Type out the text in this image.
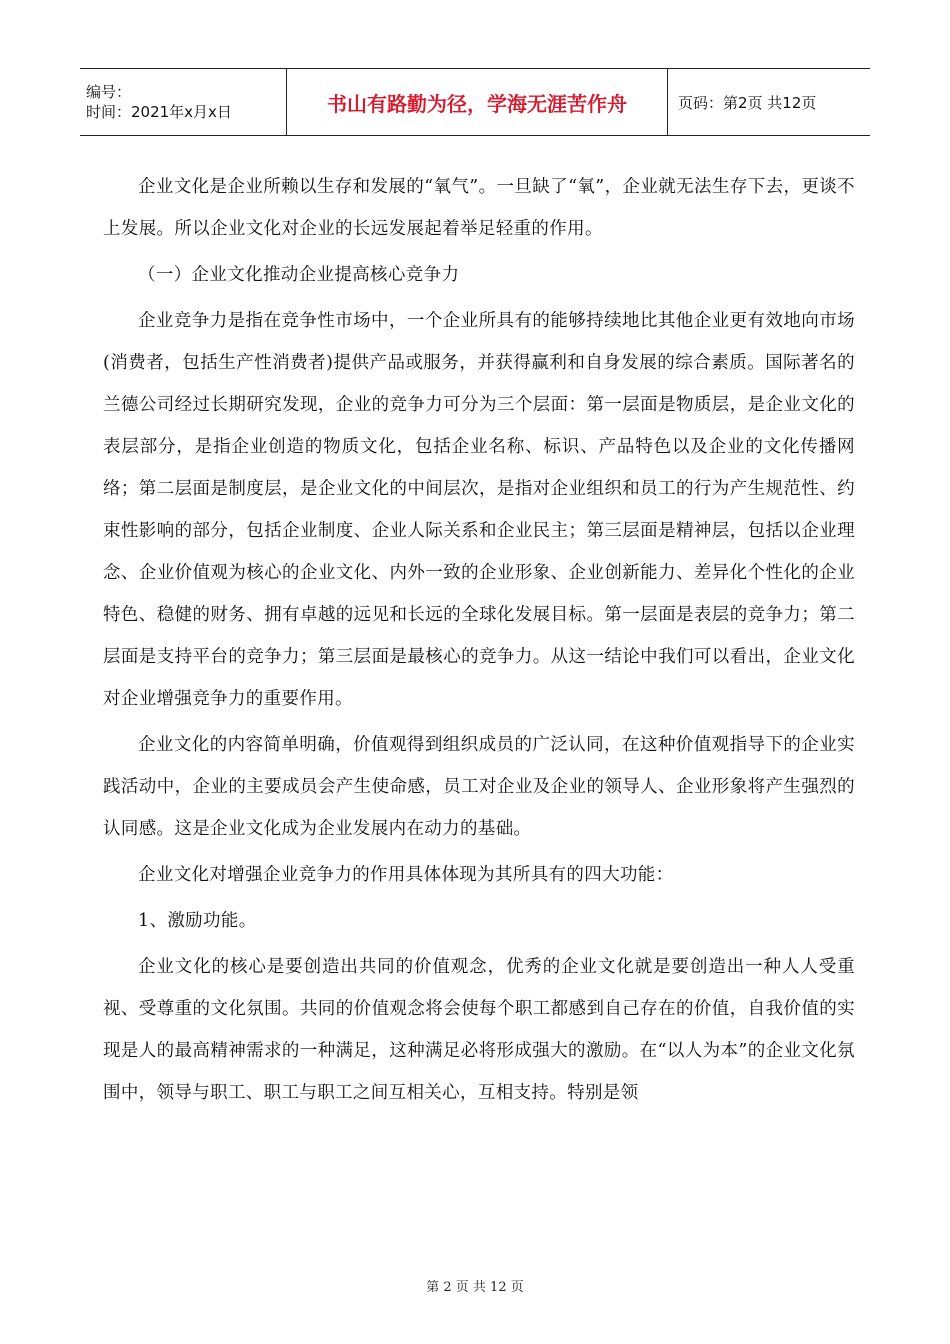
编号：
时间：2021年x月x日	书山有路勤为径，学海无涯苦作舟	页码：第2页 共12页

企业文化是企业所赖以生存和发展的“氧气”。一旦缺了“氧”，企业就无法生存下去，更谈不上发展。所以企业文化对企业的长远发展起着举足轻重的作用。

（一）企业文化推动企业提高核心竞争力

企业竞争力是指在竞争性市场中，一个企业所具有的能够持续地比其他企业更有效地向市场(消费者，包括生产性消费者)提供产品或服务，并获得赢利和自身发展的综合素质。国际著名的兰德公司经过长期研究发现，企业的竞争力可分为三个层面：第一层面是物质层，是企业文化的表层部分，是指企业创造的物质文化，包括企业名称、标识、产品特色以及企业的文化传播网络；第二层面是制度层，是企业文化的中间层次，是指对企业组织和员工的行为产生规范性、约束性影响的部分，包括企业制度、企业人际关系和企业民主；第三层面是精神层，包括以企业理念、企业价值观为核心的企业文化、内外一致的企业形象、企业创新能力、差异化个性化的企业特色、稳健的财务、拥有卓越的远见和长远的全球化发展目标。第一层面是表层的竞争力；第二层面是支持平台的竞争力；第三层面是最核心的竞争力。从这一结论中我们可以看出，企业文化对企业增强竞争力的重要作用。

企业文化的内容简单明确，价值观得到组织成员的广泛认同，在这种价值观指导下的企业实践活动中，企业的主要成员会产生使命感，员工对企业及企业的领导人、企业形象将产生强烈的认同感。这是企业文化成为企业发展内在动力的基础。

企业文化对增强企业竞争力的作用具体体现为其所具有的四大功能：

1、激励功能。

企业文化的核心是要创造出共同的价值观念，优秀的企业文化就是要创造出一种人人受重视、受尊重的文化氛围。共同的价值观念将会使每个职工都感到自己存在的价值，自我价值的实现是人的最高精神需求的一种满足，这种满足必将形成强大的激励。在“以人为本”的企业文化氛围中，领导与职工、职工与职工之间互相关心，互相支持。特别是领

第 2 页 共 12 页
